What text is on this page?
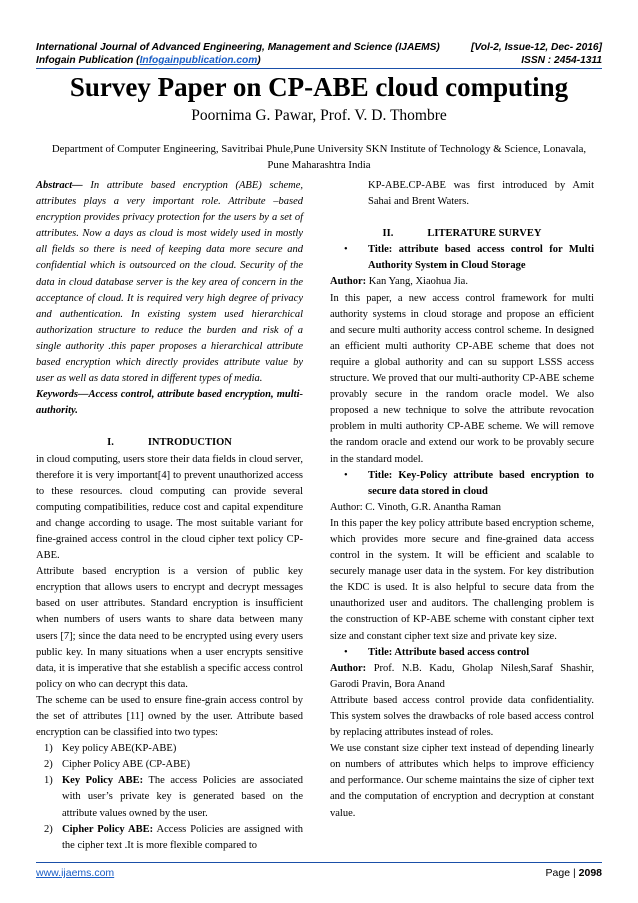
International Journal of Advanced Engineering, Management and Science (IJAEMS)	[Vol-2, Issue-12, Dec- 2016]
Infogain Publication (Infogainpublication.com)	ISSN : 2454-1311
Survey Paper on CP-ABE cloud computing
Poornima G. Pawar, Prof. V. D. Thombre
Department of Computer Engineering, Savitribai Phule,Pune University SKN Institute of Technology & Science, Lonavala, Pune Maharashtra India

Abstract— In attribute based encryption (ABE) scheme, attributes plays a very important role. Attribute –based encryption provides privacy protection for the users by a set of attributes. Now a days as cloud is most widely used in mostly all fields so there is need of keeping data more secure and confidential which is outsourced on the cloud. Security of the data in cloud database server is the key area of concern in the acceptance of cloud. It is required very high degree of privacy and authentication. In existing system used hierarchical authorization structure to reduce the burden and risk of a single authority .this paper proposes a hierarchical attribute based encryption which directly provides attribute value by user as well as data stored in different types of media.

Keywords—Access control, attribute based encryption, multi-authority.

I.	INTRODUCTION

in cloud computing, users store their data fields in cloud server, therefore it is very important[4] to prevent unauthorized access to these resources. cloud computing can provide several computing compatibilities, reduce cost and capital expenditure and change according to usage. The most suitable variant for fine-grained access control in the cloud cipher text policy CP-ABE.

Attribute based encryption is a version of public key encryption that allows users to encrypt and decrypt messages based on user attributes. Standard encryption is insufficient when numbers of users wants to share data between many users [7]; since the data need to be encrypted using every users public key. In many situations when a user encrypts sensitive data, it is imperative that she establish a specific access control policy on who can decrypt this data.

The scheme can be used to ensure fine-grain access control by the set of attributes [11] owned by the user. Attribute based encryption can be classified into two types:

1) Key policy ABE(KP-ABE)
2) Cipher Policy ABE (CP-ABE)
1) Key Policy ABE: The access Policies are associated with user’s private key is generated based on the attribute values owned by the user.
2) Cipher Policy ABE: Access Policies are assigned with the cipher text .It is more flexible compared to

KP-ABE.CP-ABE was first introduced by Amit Sahai and Brent Waters.

II.	LITERATURE SURVEY

• Title: attribute based access control for Multi Authority System in Cloud Storage

Author: Kan Yang, Xiaohua Jia.

In this paper, a new access control framework for multi authority systems in cloud storage and propose an efficient and secure multi authority access control scheme. In designed an efficient multi authority CP-ABE scheme that does not require a global authority and can su support LSSS access structure. We proved that our multi-authority CP-ABE scheme provably secure in the random oracle model. We also proposed a new technique to solve the attribute revocation problem in multi authority CP-ABE scheme. We will remove the random oracle and extend our work to be provably secure in the standard model.

• Title: Key-Policy attribute based encryption to secure data stored in cloud

Author: C. Vinoth, G.R. Anantha Raman

In this paper the key policy attribute based encryption scheme, which provides more secure and fine-grained data access control in the system. It will be efficient and scalable to securely manage user data in the system. For key distribution the KDC is used. It is also helpful to secure data from the unauthorized user and auditors. The challenging problem is the construction of KP-ABE scheme with constant cipher text size and constant cipher text size and private key size.

• Title: Attribute based access control

Author: Prof. N.B. Kadu, Gholap Nilesh,Saraf Shashir, Garodi Pravin, Bora Anand

Attribute based access control provide data confidentiality. This system solves the drawbacks of role based access control by replacing attributes instead of roles.

We use constant size cipher text instead of depending linearly on numbers of attributes which helps to improve efficiency and performance. Our scheme maintains the size of cipher text and the computation of encryption and decryption at constant value.

www.ijaems.com	Page | 2098
